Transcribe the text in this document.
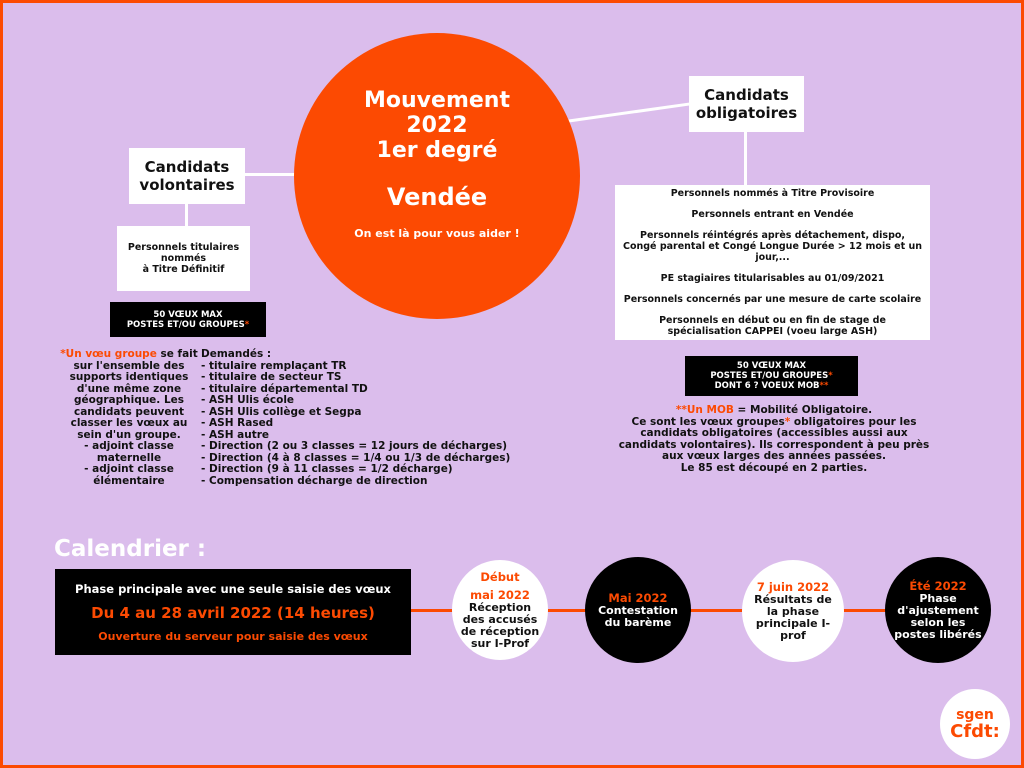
Mouvement
2022
1er degré
Vendée
On est là pour vous aider !
Candidats
volontaires
Personnels titulaires
nommés
à Titre Définitif
50 VŒUX MAX
POSTES ET/OU GROUPES*
*Un vœu groupe se fait sur l'ensemble des supports identiques d'une même zone géographique. Les candidats peuvent classer les vœux au sein d'un groupe.
- adjoint classe maternelle
- adjoint classe élémentaire
Demandés :
- titulaire remplaçant TR
- titulaire de secteur TS
- titulaire départemental TD
- ASH Ulis école
- ASH Ulis collège et Segpa
- ASH Rased
- ASH autre
- Direction (2 ou 3 classes = 12 jours de décharges)
- Direction (4 à 8 classes = 1/4 ou 1/3 de décharges)
- Direction (9 à 11 classes = 1/2 décharge)
- Compensation décharge de direction
Candidats
obligatoires

Personnels nommés à Titre Provisoire

Personnels entrant en Vendée

Personnels réintégrés après détachement, dispo, Congé parental et Congé Longue Durée > 12 mois et un jour,...

PE stagiaires titularisables au 01/09/2021

Personnels concernés par une mesure de carte scolaire

Personnels en début ou en fin de stage de spécialisation CAPPEI (voeu large ASH)

50 VŒUX MAX
POSTES ET/OU GROUPES*
DONT 6 ? VOEUX MOB**
**Un MOB = Mobilité Obligatoire.
Ce sont les vœux groupes* obligatoires pour les candidats obligatoires (accessibles aussi aux candidats volontaires). Ils correspondent à peu près aux vœux larges des années passées.
Le 85 est découpé en 2 parties.
Calendrier :
Phase principale avec une seule saisie des vœux
Du 4 au 28 avril 2022 (14 heures)
Ouverture du serveur pour saisie des vœux
Début
mai 2022
Réception des accusés de réception sur I-Prof
Mai 2022
Contestation du barème
7 juin 2022
Résultats de la phase principale I-prof
Été 2022
Phase d'ajustement selon les postes libérés
sgen
Cfdt:
